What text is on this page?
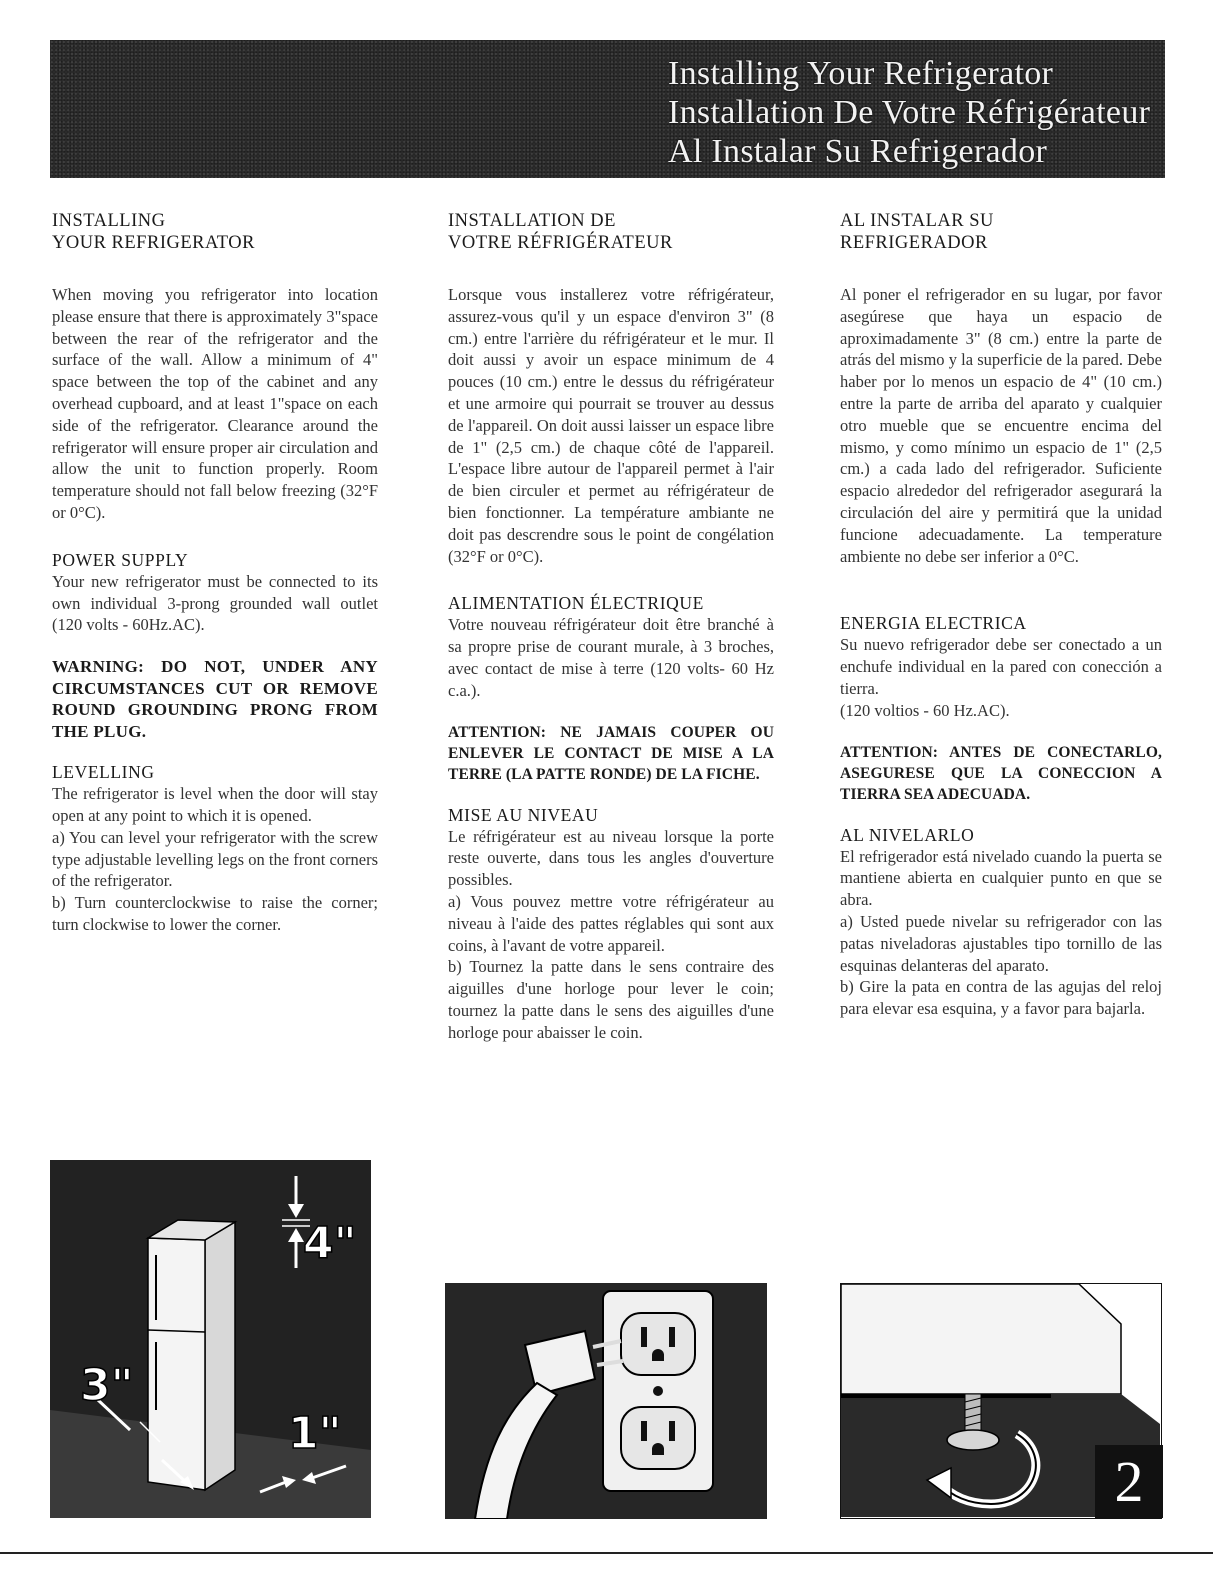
Installing Your Refrigerator
Installation De Votre Réfrigérateur
Al Instalar Su Refrigerador
INSTALLING
YOUR REFRIGERATOR

When moving you refrigerator into location please ensure that there is approximately 3"space between the rear of the refrigerator and the surface of the wall. Allow a minimum of 4" space between the top of the cabinet and any overhead cupboard, and at least 1"space on each side of the refrigerator. Clearance around the refrigerator will ensure proper air circulation and allow the unit to function properly. Room temperature should not fall below freezing (32°F or 0°C).

POWER SUPPLY

Your new refrigerator must be connected to its own individual 3-prong grounded wall outlet (120 volts - 60Hz.AC).

WARNING: DO NOT, UNDER ANY CIRCUMSTANCES CUT OR REMOVE ROUND GROUNDING PRONG FROM THE PLUG.
LEVELLING

The refrigerator is level when the door will stay open at any point to which it is opened.

a) You can level your refrigerator with the screw type adjustable levelling legs on the front corners of the refrigerator.

b) Turn counterclockwise to raise the corner; turn clockwise to lower the corner.

INSTALLATION DE
VOTRE RÉFRIGÉRATEUR

Lorsque vous installerez votre réfrigérateur, assurez-vous qu'il y un espace d'environ 3" (8 cm.) entre l'arrière du réfrigérateur et le mur. Il doit aussi y avoir un espace minimum de 4 pouces (10 cm.) entre le dessus du réfrigérateur et une armoire qui pourrait se trouver au dessus de l'appareil. On doit aussi laisser un espace libre de 1" (2,5 cm.) de chaque côté de l'appareil. L'espace libre autour de l'appareil permet à l'air de bien circuler et permet au réfrigérateur de bien fonctionner. La température ambiante ne doit pas descrendre sous le point de congélation (32°F or 0°C).

ALIMENTATION ÉLECTRIQUE

Votre nouveau réfrigérateur doit être branché à sa propre prise de courant murale, à 3 broches, avec contact de mise à terre (120 volts- 60 Hz c.a.).

ATTENTION: NE JAMAIS COUPER OU ENLEVER LE CONTACT DE MISE A LA TERRE (LA PATTE RONDE) DE LA FICHE.
MISE AU NIVEAU

Le réfrigérateur est au niveau lorsque la porte reste ouverte, dans tous les angles d'ouverture possibles.

a) Vous pouvez mettre votre réfrigérateur au niveau à l'aide des pattes réglables qui sont aux coins, à l'avant de votre appareil.

b) Tournez la patte dans le sens contraire des aiguilles d'une horloge pour lever le coin; tournez la patte dans le sens des aiguilles d'une horloge pour abaisser le coin.

AL INSTALAR SU
REFRIGERADOR

Al poner el refrigerador en su lugar, por favor asegúrese que haya un espacio de aproximadamente 3" (8 cm.) entre la parte de atrás del mismo y la superficie de la pared. Debe haber por lo menos un espacio de 4" (10 cm.) entre la parte de arriba del aparato y cualquier otro mueble que se encuentre encima del mismo, y como mínimo un espacio de 1" (2,5 cm.) a cada lado del refrigerador. Suficiente espacio alrededor del refrigerador asegurará la circulación del aire y permitirá que la unidad funcione adecuadamente. La temperature ambiente no debe ser inferior a 0°C.

ENERGIA ELECTRICA

Su nuevo refrigerador debe ser conectado a un enchufe individual en la pared con conección a tierra.

(120 voltios - 60 Hz.AC).

ATTENTION: ANTES DE CONECTARLO, ASEGURESE QUE LA CONECCION A TIERRA SEA ADECUADA.
AL NIVELARLO

El refrigerador está nivelado cuando la puerta se mantiene abierta en cualquier punto en que se abra.

a) Usted puede nivelar su refrigerador con las patas niveladoras ajustables tipo tornillo de las esquinas delanteras del aparato.

b) Gire la pata en contra de las agujas del reloj para elevar esa esquina, y a favor para bajarla.

4"
3"
1"
2
